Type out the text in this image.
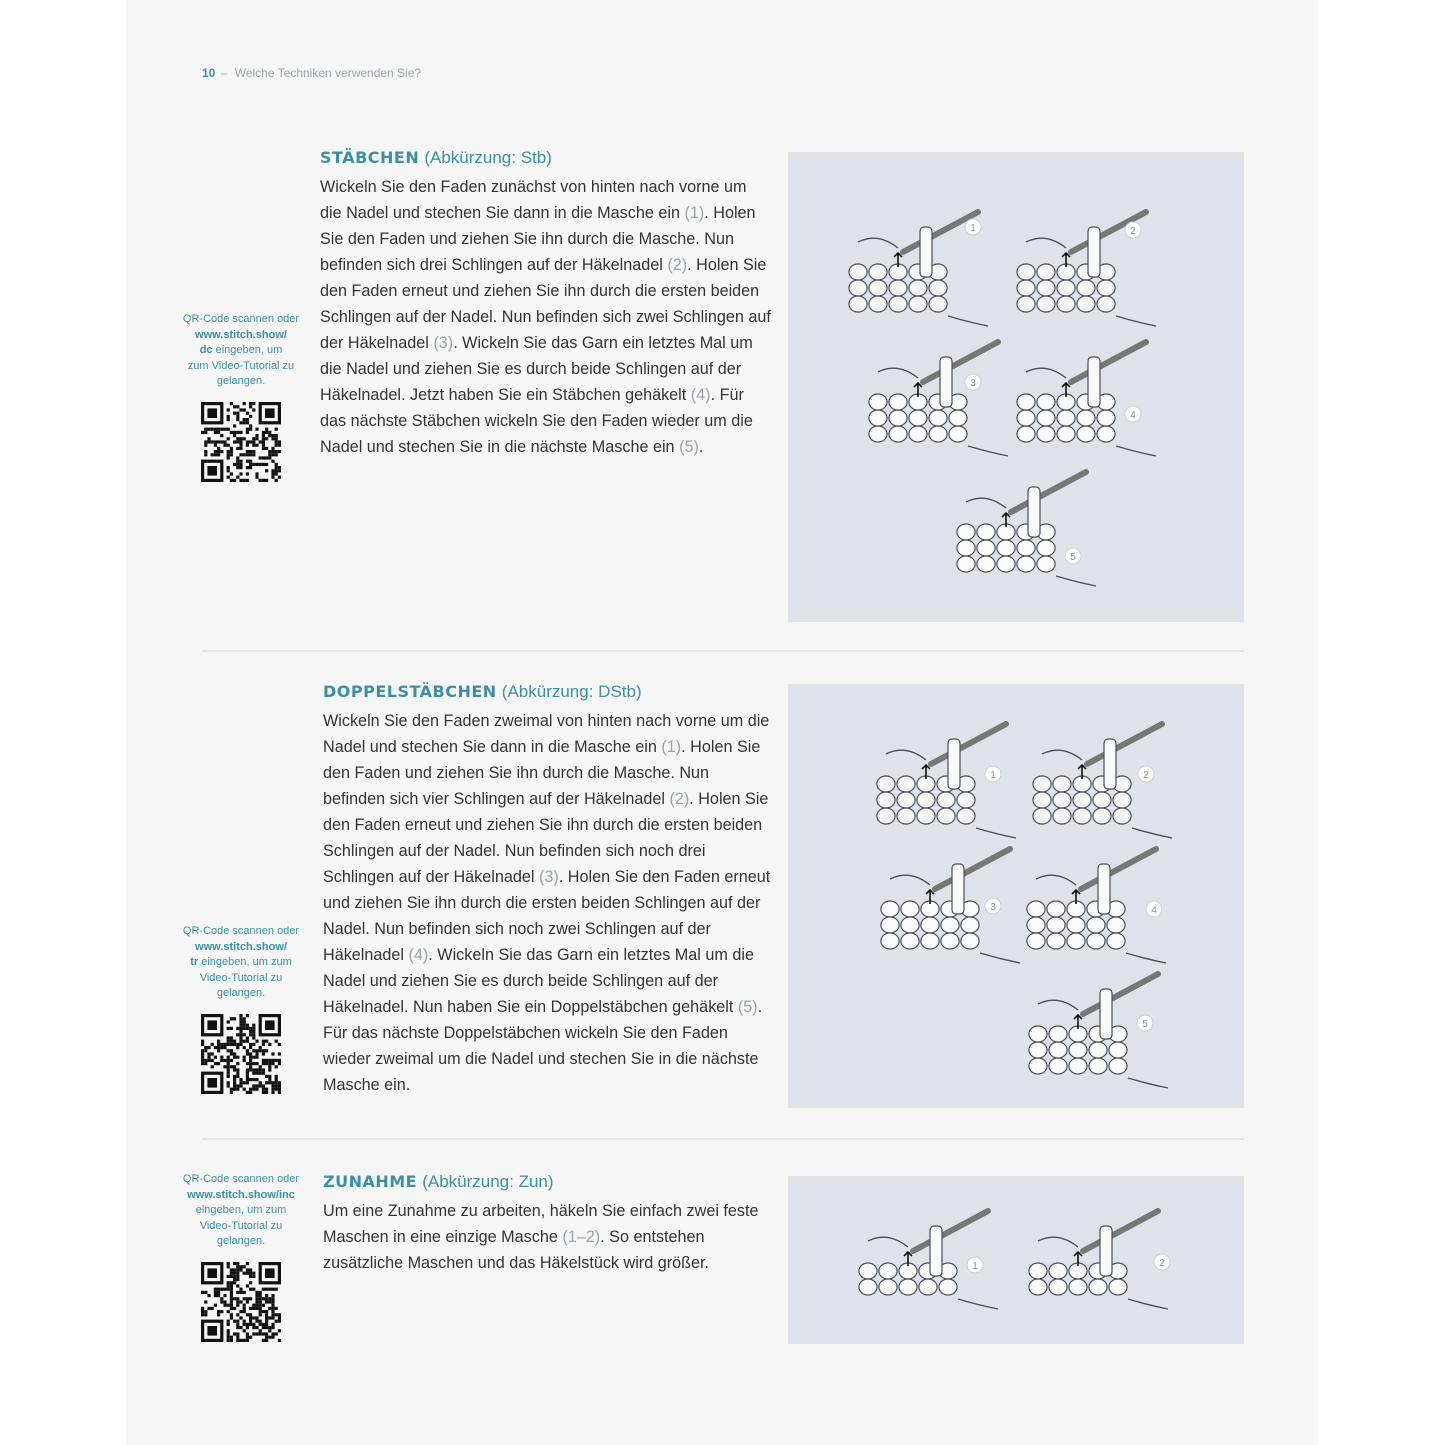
10 – Welche Techniken verwenden Sie?
STÄBCHEN (Abkürzung: Stb)

Wickeln Sie den Faden zunächst von hinten nach vorne um die Nadel und stechen Sie dann in die Masche ein (1). Holen Sie den Faden und ziehen Sie ihn durch die Masche. Nun befinden sich drei Schlingen auf der Häkelnadel (2). Holen Sie den Faden erneut und ziehen Sie ihn durch die ersten beiden Schlingen auf der Nadel. Nun befinden sich zwei Schlingen auf der Häkelnadel (3). Wickeln Sie das Garn ein letztes Mal um die Nadel und ziehen Sie es durch beide Schlingen auf der Häkelnadel. Jetzt haben Sie ein Stäbchen gehäkelt (4). Für das nächste Stäbchen wickeln Sie den Faden wieder um die Nadel und stechen Sie in die nächste Masche ein (5).

QR-Code scannen oder
www.stitch.show/
dc eingeben, um
zum Video-Tutorial zu
gelangen.
1	2
3
4
5
DOPPELSTÄBCHEN (Abkürzung: DStb)

Wickeln Sie den Faden zweimal von hinten nach vorne um die Nadel und stechen Sie dann in die Masche ein (1). Holen Sie den Faden und ziehen Sie ihn durch die Masche. Nun befinden sich vier Schlingen auf der Häkelnadel (2). Holen Sie den Faden erneut und ziehen Sie ihn durch die ersten beiden Schlingen auf der Nadel. Nun befinden sich noch drei Schlingen auf der Häkelnadel (3). Holen Sie den Faden erneut und ziehen Sie ihn durch die ersten beiden Schlingen auf der Nadel. Nun befinden sich noch zwei Schlingen auf der Häkelnadel (4). Wickeln Sie das Garn ein letztes Mal um die Nadel und ziehen Sie es durch beide Schlingen auf der Häkelnadel. Nun haben Sie ein Doppelstäbchen gehäkelt (5). Für das nächste Doppelstäbchen wickeln Sie den Faden wieder zweimal um die Nadel und stechen Sie in die nächste Masche ein.

QR-Code scannen oder
www.stitch.show/
tr eingeben, um zum
Video-Tutorial zu
gelangen.
1	2
3	4
5
ZUNAHME (Abkürzung: Zun)

Um eine Zunahme zu arbeiten, häkeln Sie einfach zwei feste Maschen in eine einzige Masche (1–2). So entstehen zusätzliche Maschen und das Häkelstück wird größer.

QR-Code scannen oder
www.stitch.show/inc
eingeben, um zum
Video-Tutorial zu
gelangen.
1	2
